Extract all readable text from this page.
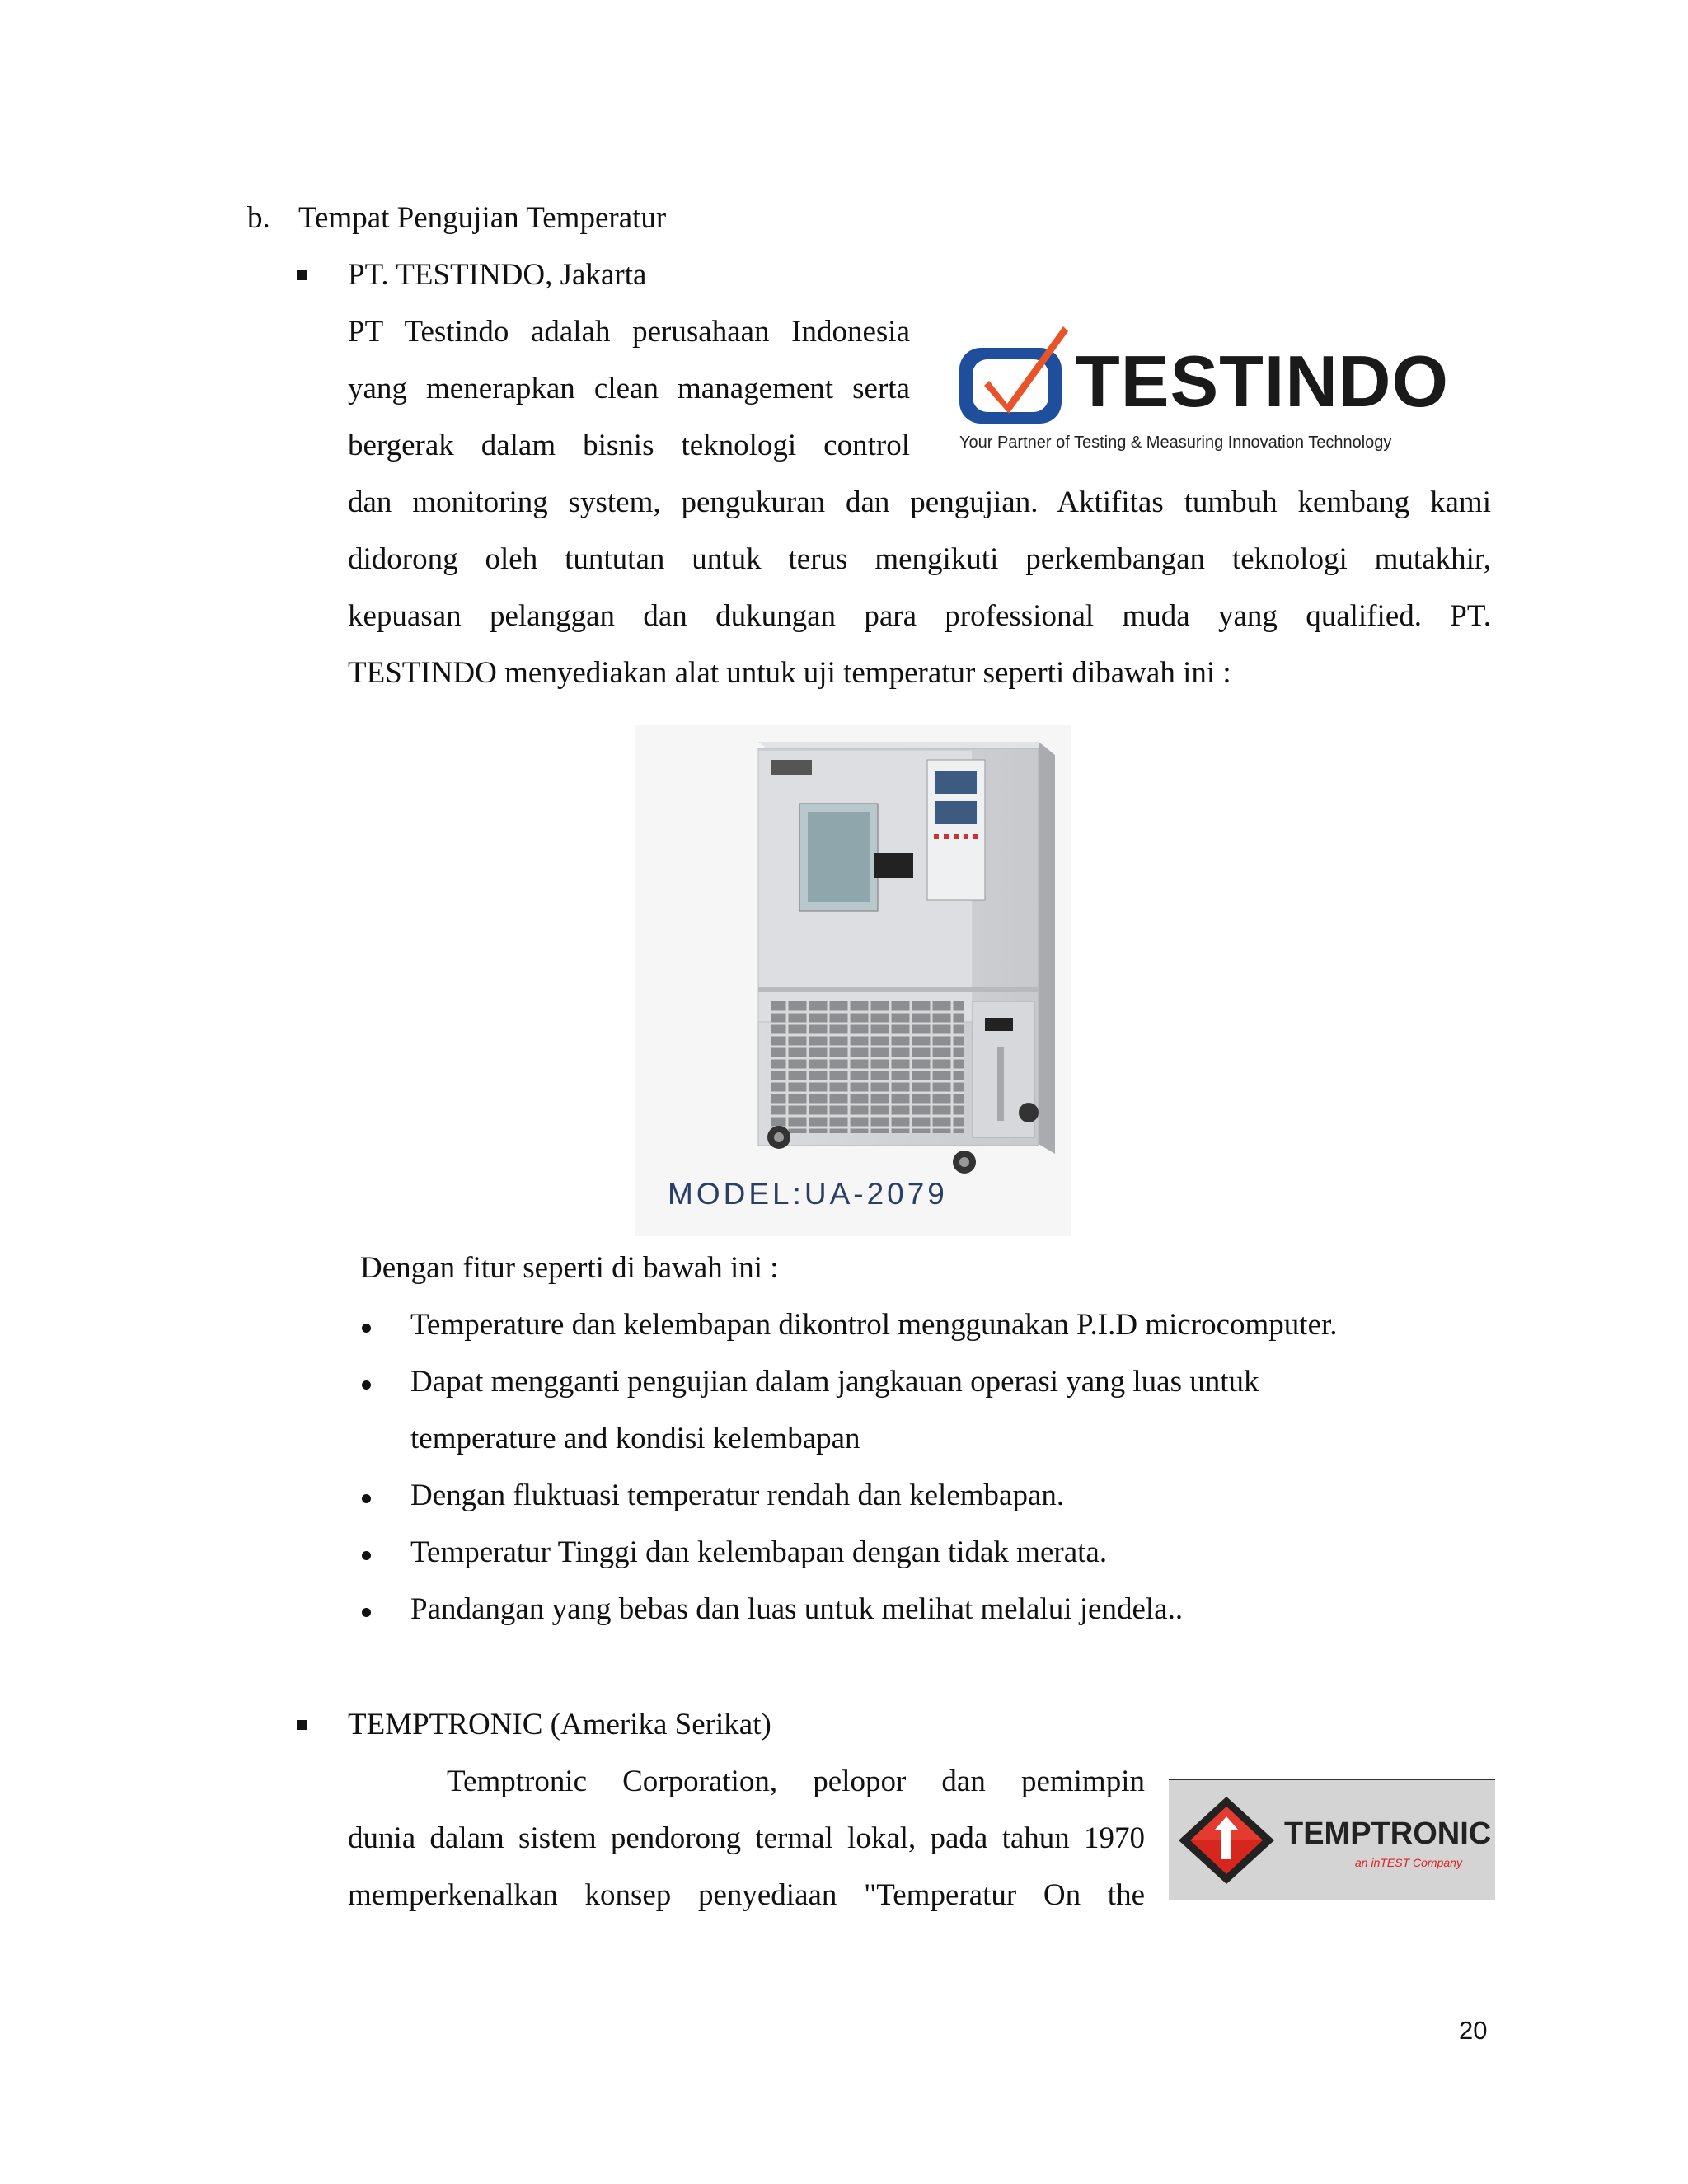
b. Tempat Pengujian Temperatur
PT. TESTINDO, Jakarta
PT Testindo adalah perusahaan Indonesia
yang menerapkan clean management serta
bergerak dalam bisnis teknologi control
dan monitoring system, pengukuran dan pengujian. Aktifitas tumbuh kembang kami
didorong oleh tuntutan untuk terus mengikuti perkembangan teknologi mutakhir,
kepuasan pelanggan dan dukungan para professional muda yang qualified. PT.
TESTINDO menyediakan alat untuk uji temperatur seperti dibawah ini :
TESTINDO
Your Partner of Testing & Measuring Innovation Technology
MODEL:UA-2079
Dengan fitur seperti di bawah ini :
Temperature dan kelembapan dikontrol menggunakan P.I.D microcomputer.
Dapat mengganti pengujian dalam jangkauan operasi yang luas untuk
temperature and kondisi kelembapan
Dengan fluktuasi temperatur rendah dan kelembapan.
Temperatur Tinggi dan kelembapan dengan tidak merata.
Pandangan yang bebas dan luas untuk melihat melalui jendela..
TEMPTRONIC (Amerika Serikat)
Temptronic Corporation, pelopor dan pemimpin
dunia dalam sistem pendorong termal lokal, pada tahun 1970
memperkenalkan konsep penyediaan "Temperatur On the
TEMPTRONIC
an inTEST Company
20
